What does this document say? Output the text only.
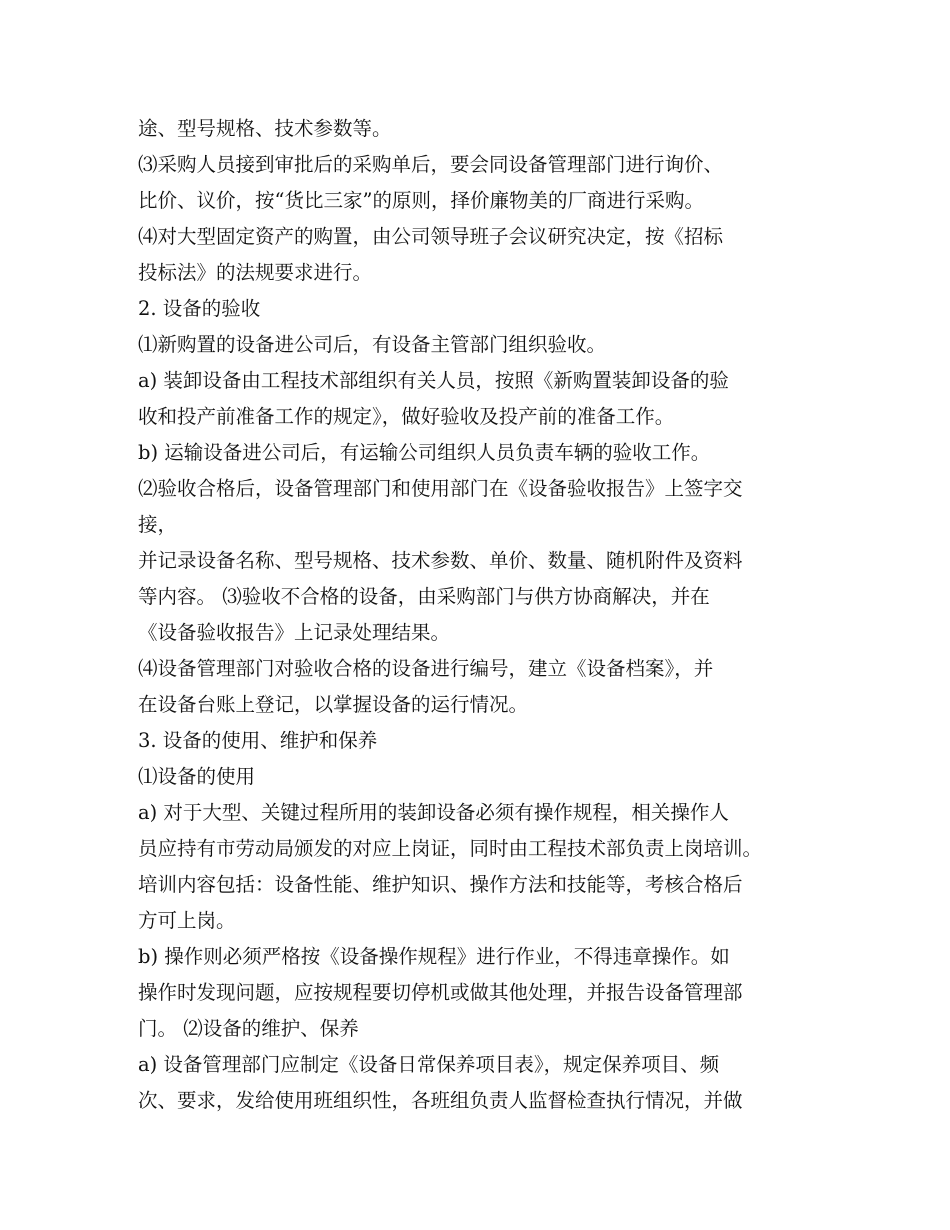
途、型号规格、技术参数等。

⑶采购人员接到审批后的采购单后，要会同设备管理部门进行询价、

比价、议价，按“货比三家”的原则，择价廉物美的厂商进行采购。

⑷对大型固定资产的购置，由公司领导班子会议研究决定，按《招标

投标法》的法规要求进行。

2. 设备的验收

⑴新购置的设备进公司后，有设备主管部门组织验收。

a) 装卸设备由工程技术部组织有关人员，按照《新购置装卸设备的验

收和投产前准备工作的规定》，做好验收及投产前的准备工作。

b) 运输设备进公司后，有运输公司组织人员负责车辆的验收工作。

⑵验收合格后，设备管理部门和使用部门在《设备验收报告》上签字交

接，

并记录设备名称、型号规格、技术参数、单价、数量、随机附件及资料

等内容。 ⑶验收不合格的设备，由采购部门与供方协商解决，并在

《设备验收报告》上记录处理结果。

⑷设备管理部门对验收合格的设备进行编号，建立《设备档案》，并

在设备台账上登记，以掌握设备的运行情况。

3. 设备的使用、维护和保养

⑴设备的使用

a) 对于大型、关键过程所用的装卸设备必须有操作规程，相关操作人

员应持有市劳动局颁发的对应上岗证，同时由工程技术部负责上岗培训。

培训内容包括：设备性能、维护知识、操作方法和技能等，考核合格后

方可上岗。

b) 操作则必须严格按《设备操作规程》进行作业，不得违章操作。如

操作时发现问题，应按规程要切停机或做其他处理，并报告设备管理部

门。 ⑵设备的维护、保养

a) 设备管理部门应制定《设备日常保养项目表》，规定保养项目、频

次、要求，发给使用班组织性，各班组负责人监督检查执行情况，并做
